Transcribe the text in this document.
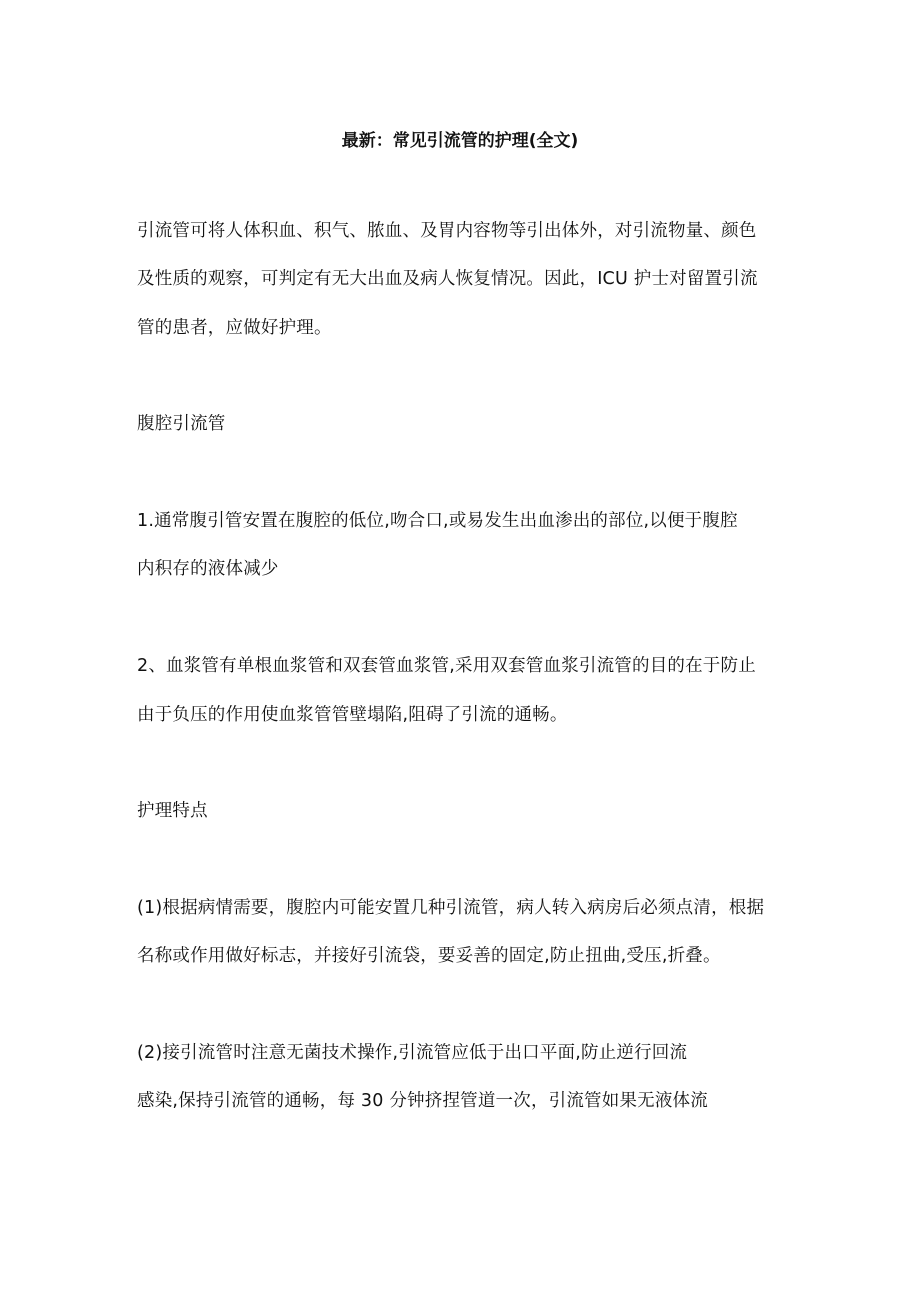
最新：常见引流管的护理(全文)
引流管可将人体积血、积气、脓血、及胃内容物等引出体外，对引流物量、颜色
及性质的观察，可判定有无大出血及病人恢复情况。因此，ICU 护士对留置引流
管的患者，应做好护理。
腹腔引流管
1.通常腹引管安置在腹腔的低位,吻合口,或易发生出血渗出的部位,以便于腹腔
内积存的液体减少
2、血浆管有单根血浆管和双套管血浆管,采用双套管血浆引流管的目的在于防止
由于负压的作用使血浆管管壁塌陷,阻碍了引流的通畅。
护理特点
(1)根据病情需要，腹腔内可能安置几种引流管，病人转入病房后必须点清，根据
名称或作用做好标志，并接好引流袋，要妥善的固定,防止扭曲,受压,折叠。
(2)接引流管时注意无菌技术操作,引流管应低于出口平面,防止逆行回流
感染,保持引流管的通畅，每 30 分钟挤捏管道一次，引流管如果无液体流
